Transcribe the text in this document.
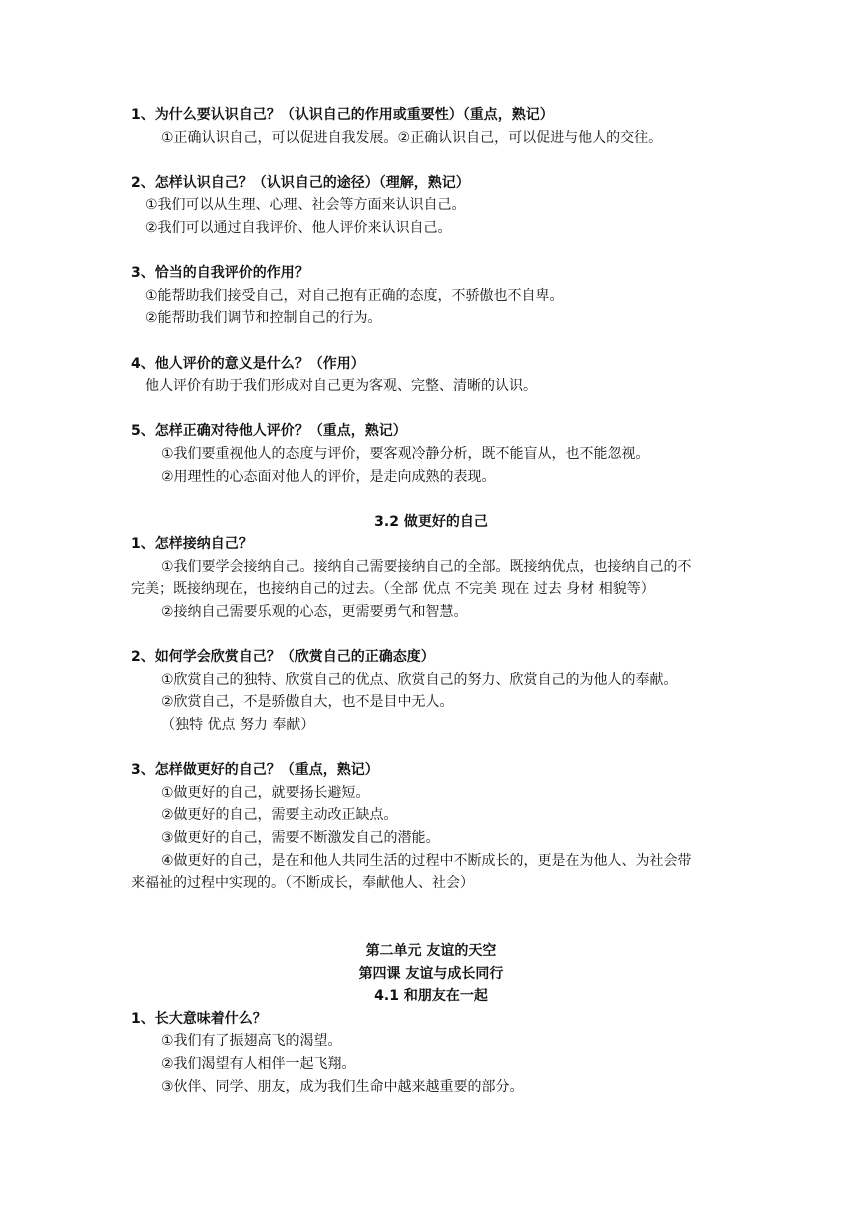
1、为什么要认识自己？（认识自己的作用或重要性）（重点，熟记）
①正确认识自己，可以促进自我发展。②正确认识自己，可以促进与他人的交往。
2、怎样认识自己？（认识自己的途径）（理解，熟记）
①我们可以从生理、心理、社会等方面来认识自己。
②我们可以通过自我评价、他人评价来认识自己。
3、恰当的自我评价的作用？
①能帮助我们接受自己，对自己抱有正确的态度，不骄傲也不自卑。
②能帮助我们调节和控制自己的行为。
4、他人评价的意义是什么？（作用）
他人评价有助于我们形成对自己更为客观、完整、清晰的认识。
5、怎样正确对待他人评价？（重点，熟记）
①我们要重视他人的态度与评价，要客观冷静分析，既不能盲从，也不能忽视。
②用理性的心态面对他人的评价，是走向成熟的表现。
3.2 做更好的自己
1、怎样接纳自己？
①我们要学会接纳自己。接纳自己需要接纳自己的全部。既接纳优点，也接纳自己的不
完美；既接纳现在，也接纳自己的过去。（全部 优点 不完美 现在 过去 身材 相貌等）
②接纳自己需要乐观的心态，更需要勇气和智慧。
2、如何学会欣赏自己？（欣赏自己的正确态度）
①欣赏自己的独特、欣赏自己的优点、欣赏自己的努力、欣赏自己的为他人的奉献。
②欣赏自己，不是骄傲自大，也不是目中无人。
（独特 优点 努力 奉献）
3、怎样做更好的自己？（重点，熟记）
①做更好的自己，就要扬长避短。
②做更好的自己，需要主动改正缺点。
③做更好的自己，需要不断激发自己的潜能。
④做更好的自己，是在和他人共同生活的过程中不断成长的，更是在为他人、为社会带
来福祉的过程中实现的。（不断成长，奉献他人、社会）
第二单元 友谊的天空
第四课 友谊与成长同行
4.1 和朋友在一起
1、长大意味着什么？
①我们有了振翅高飞的渴望。
②我们渴望有人相伴一起飞翔。
③伙伴、同学、朋友，成为我们生命中越来越重要的部分。
